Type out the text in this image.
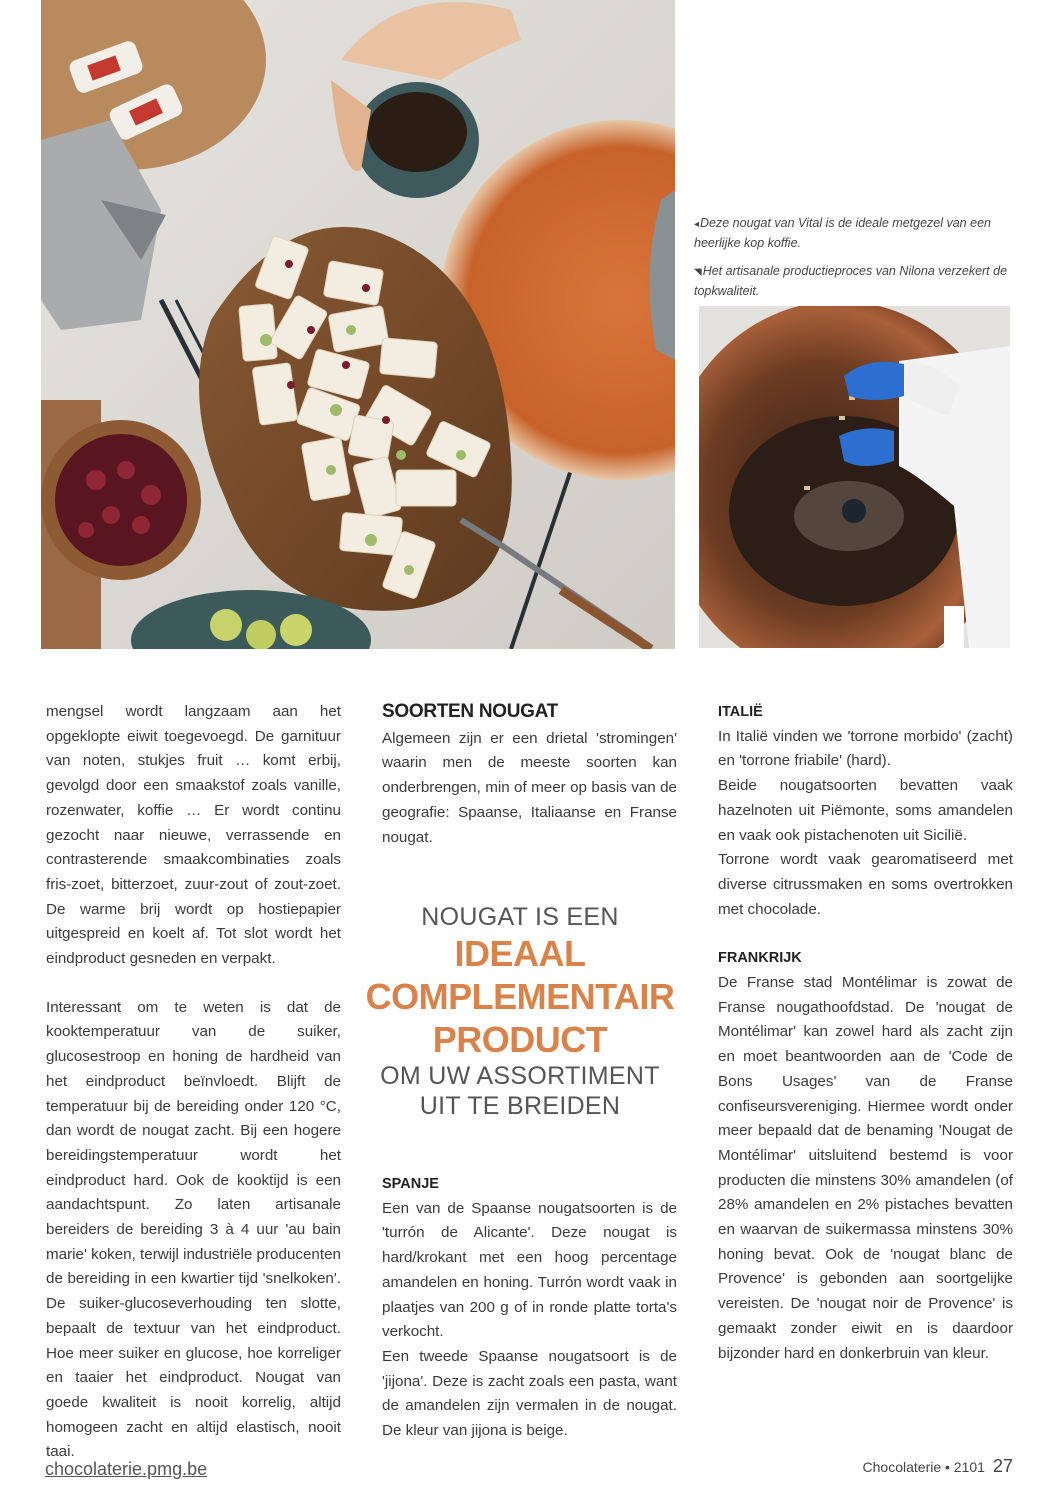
◂Deze nougat van Vital is de ideale metgezel van een heerlijke kop koffie.

◥Het artisanale productieproces van Nilona verzekert de topkwaliteit.

mengsel wordt langzaam aan het opgeklopte eiwit toegevoegd. De garnituur van noten, stukjes fruit … komt erbij, gevolgd door een smaakstof zoals vanille, rozenwater, koffie … Er wordt continu gezocht naar nieuwe, verrassende en contrasterende smaakcombinaties zoals fris-zoet, bitterzoet, zuur-zout of zout-zoet. De warme brij wordt op hostiepapier uitgespreid en koelt af. Tot slot wordt het eindproduct gesneden en verpakt.

Interessant om te weten is dat de kooktemperatuur van de suiker, glucosestroop en honing de hardheid van het eindproduct beïnvloedt. Blijft de temperatuur bij de bereiding onder 120 °C, dan wordt de nougat zacht. Bij een hogere bereidingstemperatuur wordt het eindproduct hard. Ook de kooktijd is een aandachtspunt. Zo laten artisanale bereiders de bereiding 3 à 4 uur 'au bain marie' koken, terwijl industriële producenten de bereiding in een kwartier tijd 'snelkoken'. De suiker-glucoseverhouding ten slotte, bepaalt de textuur van het eindproduct. Hoe meer suiker en glucose, hoe korreliger en taaier het eindproduct. Nougat van goede kwaliteit is nooit korrelig, altijd homogeen zacht en altijd elastisch, nooit taai.

SOORTEN NOUGAT

Algemeen zijn er een drietal 'stromingen' waarin men de meeste soorten kan onderbrengen, min of meer op basis van de geografie: Spaanse, Italiaanse en Franse nougat.

NOUGAT IS EEN
IDEAAL
COMPLEMENTAIR
PRODUCT
OM UW ASSORTIMENT
UIT TE BREIDEN
SPANJE

Een van de Spaanse nougatsoorten is de 'turrón de Alicante'. Deze nougat is hard/krokant met een hoog percentage amandelen en honing. Turrón wordt vaak in plaatjes van 200 g of in ronde platte torta's verkocht.

Een tweede Spaanse nougatsoort is de 'jijona'. Deze is zacht zoals een pasta, want de amandelen zijn vermalen in de nougat. De kleur van jijona is beige.

ITALIË

In Italië vinden we 'torrone morbido' (zacht) en 'torrone friabile' (hard).

Beide nougatsoorten bevatten vaak hazelnoten uit Piëmonte, soms amandelen en vaak ook pistachenoten uit Sicilië.

Torrone wordt vaak gearomatiseerd met diverse citrussmaken en soms overtrokken met chocolade.

FRANKRIJK

De Franse stad Montélimar is zowat de Franse nougathoofdstad. De 'nougat de Montélimar' kan zowel hard als zacht zijn en moet beantwoorden aan de 'Code de Bons Usages' van de Franse confiseursvereniging. Hiermee wordt onder meer bepaald dat de benaming 'Nougat de Montélimar' uitsluitend bestemd is voor producten die minstens 30% amandelen (of 28% amandelen en 2% pistaches bevatten en waarvan de suikermassa minstens 30% honing bevat. Ook de 'nougat blanc de Provence' is gebonden aan soortgelijke vereisten. De 'nougat noir de Provence' is gemaakt zonder eiwit en is daardoor bijzonder hard en donkerbruin van kleur.

chocolaterie.pmg.be	Chocolaterie • 2101 27
